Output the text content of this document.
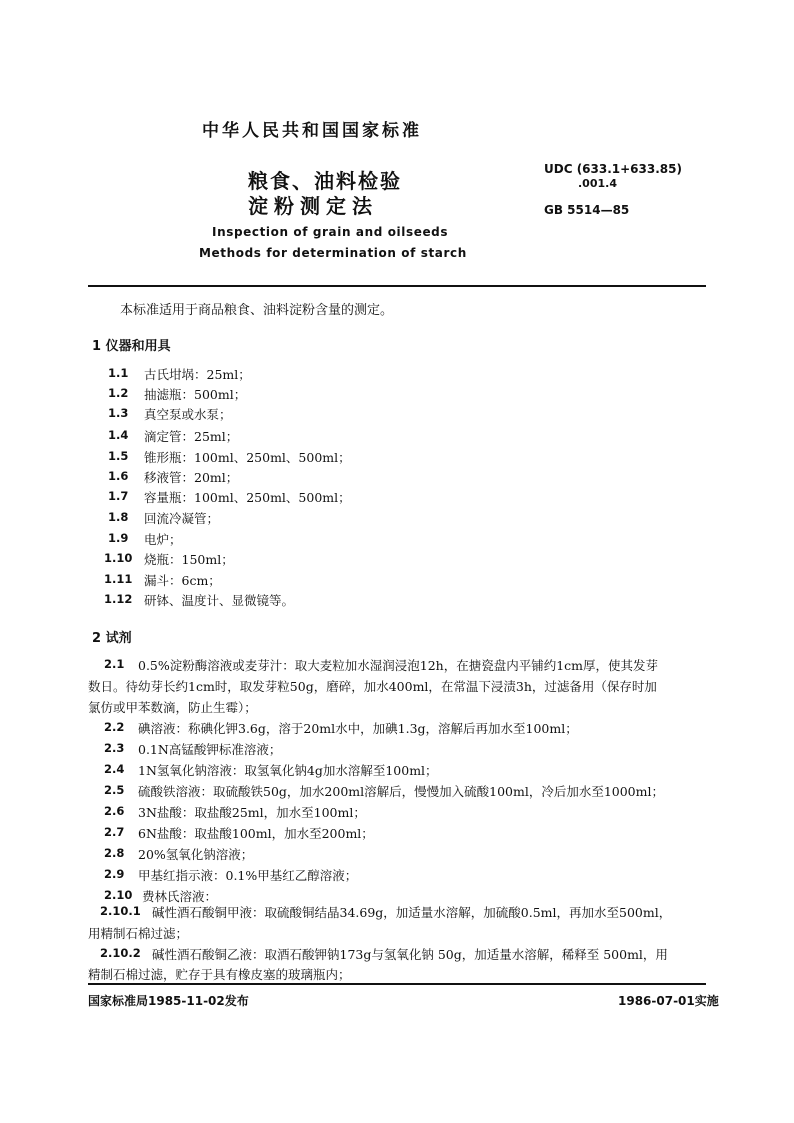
中华人民共和国国家标准
粮食、油料检验
淀粉测定法
Inspection of grain and oilseeds
Methods for determination of starch
UDC (633.1+633.85)
.001.4
GB 5514—85
本标准适用于商品粮食、油料淀粉含量的测定。
1 仪器和用具
1.1 古氏坩埚：25ml；
1.2 抽滤瓶：500ml；
1.3 真空泵或水泵；
1.4 滴定管：25ml；
1.5 锥形瓶：100ml、250ml、500ml；
1.6 移液管：20ml；
1.7 容量瓶：100ml、250ml、500ml；
1.8 回流冷凝管；
1.9 电炉；
1.10 烧瓶：150ml；
1.11 漏斗：6cm；
1.12 研钵、温度计、显微镜等。
2 试剂
2.1 0.5%淀粉酶溶液或麦芽汁：取大麦粒加水湿润浸泡12h，在搪瓷盘内平铺约1cm厚，使其发芽
数日。待幼芽长约1cm时，取发芽粒50g，磨碎，加水400ml，在常温下浸渍3h，过滤备用（保存时加
氯仿或甲苯数滴，防止生霉）；
2.2 碘溶液：称碘化钾3.6g，溶于20ml水中，加碘1.3g，溶解后再加水至100ml；
2.3 0.1N高锰酸钾标准溶液；
2.4 1N氢氧化钠溶液：取氢氧化钠4g加水溶解至100ml；
2.5 硫酸铁溶液：取硫酸铁50g，加水200ml溶解后，慢慢加入硫酸100ml，冷后加水至1000ml；
2.6 3N盐酸：取盐酸25ml，加水至100ml；
2.7 6N盐酸：取盐酸100ml，加水至200ml；
2.8 20%氢氧化钠溶液；
2.9 甲基红指示液：0.1%甲基红乙醇溶液；
2.10 费林氏溶液：
2.10.1 碱性酒石酸铜甲液：取硫酸铜结晶34.69g，加适量水溶解，加硫酸0.5ml，再加水至500ml，
用精制石棉过滤；
2.10.2 碱性酒石酸铜乙液：取酒石酸钾钠173g与氢氧化钠 50g，加适量水溶解，稀释至 500ml，用
精制石棉过滤，贮存于具有橡皮塞的玻璃瓶内；
国家标准局1985-11-02发布	1986-07-01实施
